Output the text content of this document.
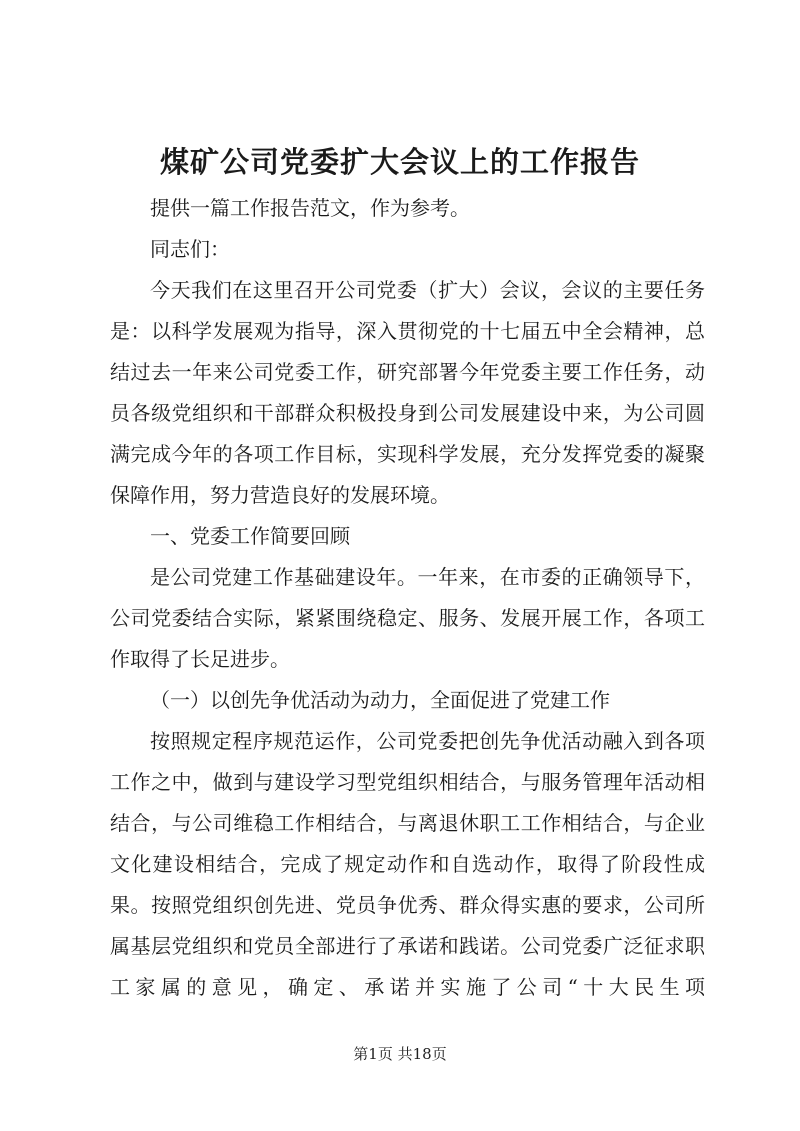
煤矿公司党委扩大会议上的工作报告

提供一篇工作报告范文，作为参考。

同志们：

今天我们在这里召开公司党委（扩大）会议，会议的主要任务是：以科学发展观为指导，深入贯彻党的十七届五中全会精神，总结过去一年来公司党委工作，研究部署今年党委主要工作任务，动员各级党组织和干部群众积极投身到公司发展建设中来，为公司圆满完成今年的各项工作目标，实现科学发展，充分发挥党委的凝聚保障作用，努力营造良好的发展环境。

一、党委工作简要回顾

是公司党建工作基础建设年。一年来，在市委的正确领导下，公司党委结合实际，紧紧围绕稳定、服务、发展开展工作，各项工作取得了长足进步。

（一）以创先争优活动为动力，全面促进了党建工作

按照规定程序规范运作，公司党委把创先争优活动融入到各项工作之中，做到与建设学习型党组织相结合，与服务管理年活动相结合，与公司维稳工作相结合，与离退休职工工作相结合，与企业文化建设相结合，完成了规定动作和自选动作，取得了阶段性成果。按照党组织创先进、党员争优秀、群众得实惠的要求，公司所属基层党组织和党员全部进行了承诺和践诺。公司党委广泛征求职工家属的意见，确定、承诺并实施了公司“十大民生项

第1页 共18页
